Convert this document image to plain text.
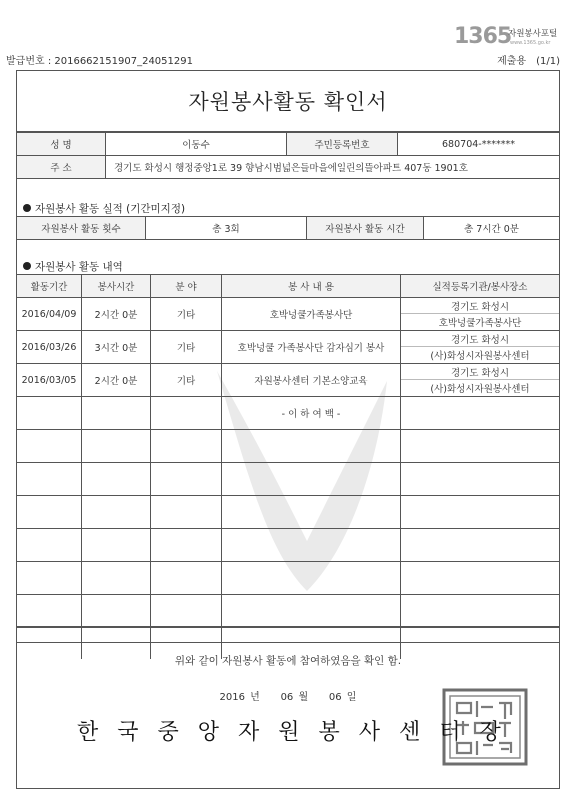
발급번호 : 2016662151907_24051291
1365
자원봉사포털
www.1365.go.kr
제출용 (1/1)
자원봉사활동 확인서
성 명	이동수	주민등록번호	680704-*******
주 소	경기도 화성시 행정중앙1로 39 향남시범넓은들마을에일린의뜰아파트 407동 1901호		
자원봉사 활동 실적 (기간미지정)
자원봉사 활동 횟수	총 3회	자원봉사 활동 시간	총 7시간 0분
자원봉사 활동 내역
활동기간	봉사시간	분 야	봉 사 내 용	실적등록기관/봉사장소
2016/04/09	2시간 0분	기타	호박넝쿨가족봉사단	경기도 화성시
				호박넝쿨가족봉사단
2016/03/26	3시간 0분	기타	호박넝쿨 가족봉사단 감자심기 봉사	경기도 화성시
				(사)화성시자원봉사센터
2016/03/05	2시간 0분	기타	자원봉사센터 기본소양교육	경기도 화성시
				(사)화성시자원봉사센터
			- 이 하 여 백 -	

위와 같이 자원봉사 활동에 참여하였음을 확인 함.
2016 년 06 월 06 일
한국중앙자원봉사센터장
